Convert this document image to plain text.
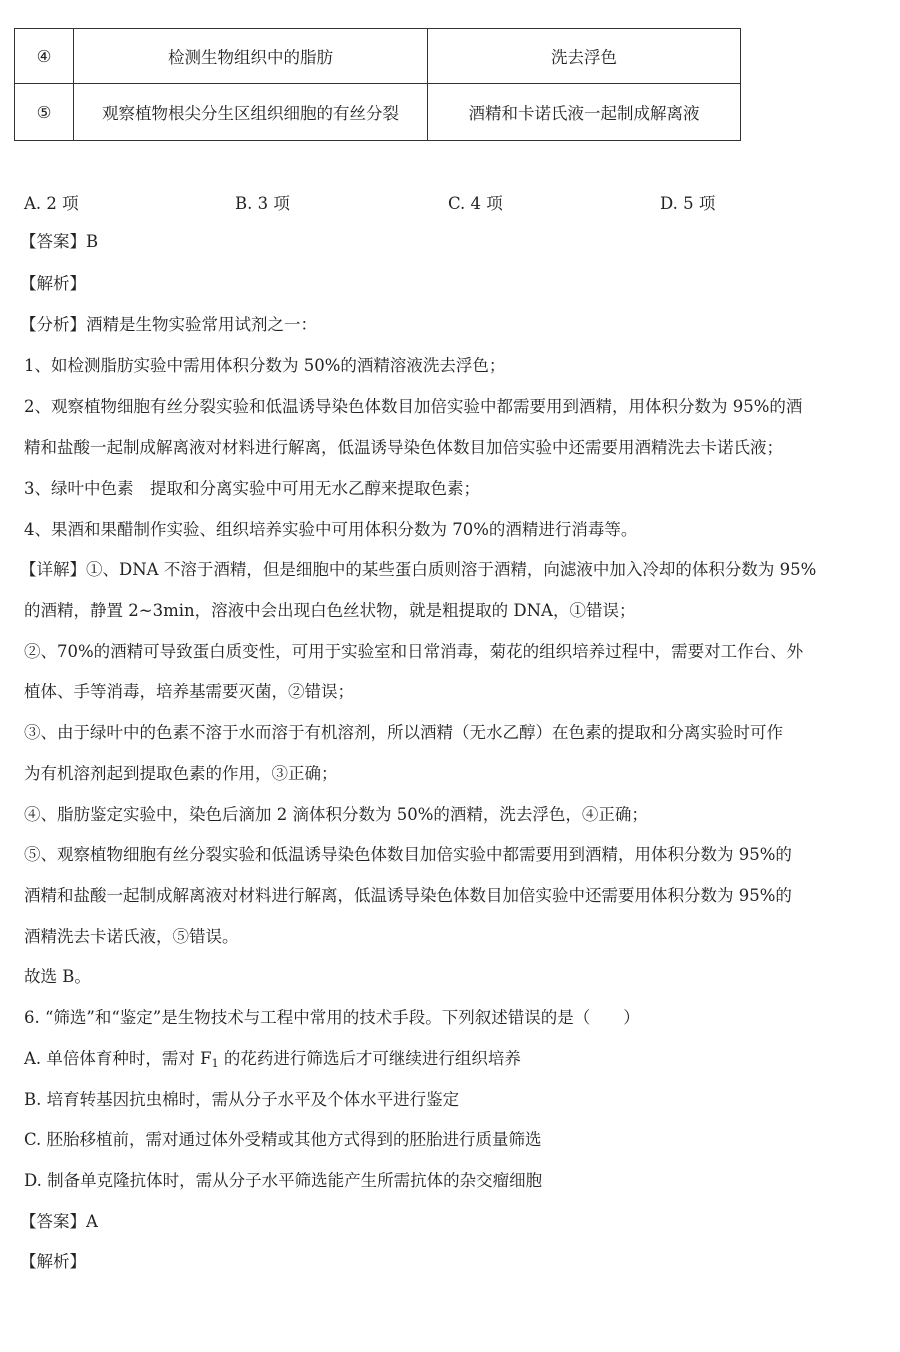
④	检测生物组织中的脂肪	洗去浮色
⑤	观察植物根尖分生区组织细胞的有丝分裂	酒精和卡诺氏液一起制成解离液
A. 2 项	B. 3 项	C. 4 项	D. 5 项
【答案】B
【解析】
【分析】酒精是生物实验常用试剂之一：
1、如检测脂肪实验中需用体积分数为 50%的酒精溶液洗去浮色；
2、观察植物细胞有丝分裂实验和低温诱导染色体数目加倍实验中都需要用到酒精，用体积分数为 95%的酒
精和盐酸一起制成解离液对材料进行解离，低温诱导染色体数目加倍实验中还需要用酒精洗去卡诺氏液；
3、绿叶中色素　提取和分离实验中可用无水乙醇来提取色素；
4、果酒和果醋制作实验、组织培养实验中可用体积分数为 70%的酒精进行消毒等。
【详解】①、DNA 不溶于酒精，但是细胞中的某些蛋白质则溶于酒精，向滤液中加入冷却的体积分数为 95%
的酒精，静置 2~3min，溶液中会出现白色丝状物，就是粗提取的 DNA，①错误；
②、70%的酒精可导致蛋白质变性，可用于实验室和日常消毒，菊花的组织培养过程中，需要对工作台、外
植体、手等消毒，培养基需要灭菌，②错误；
③、由于绿叶中的色素不溶于水而溶于有机溶剂，所以酒精（无水乙醇）在色素的提取和分离实验时可作
为有机溶剂起到提取色素的作用，③正确；
④、脂肪鉴定实验中，染色后滴加 2 滴体积分数为 50%的酒精，洗去浮色，④正确；
⑤、观察植物细胞有丝分裂实验和低温诱导染色体数目加倍实验中都需要用到酒精，用体积分数为 95%的
酒精和盐酸一起制成解离液对材料进行解离，低温诱导染色体数目加倍实验中还需要用体积分数为 95%的
酒精洗去卡诺氏液，⑤错误。
故选 B。
6. “筛选”和“鉴定”是生物技术与工程中常用的技术手段。下列叙述错误的是（　　）
A. 单倍体育种时，需对 $F_1$ 的花药进行筛选后才可继续进行组织培养
B. 培育转基因抗虫棉时，需从分子水平及个体水平进行鉴定
C. 胚胎移植前，需对通过体外受精或其他方式得到的胚胎进行质量筛选
D. 制备单克隆抗体时，需从分子水平筛选能产生所需抗体的杂交瘤细胞
【答案】A
【解析】
